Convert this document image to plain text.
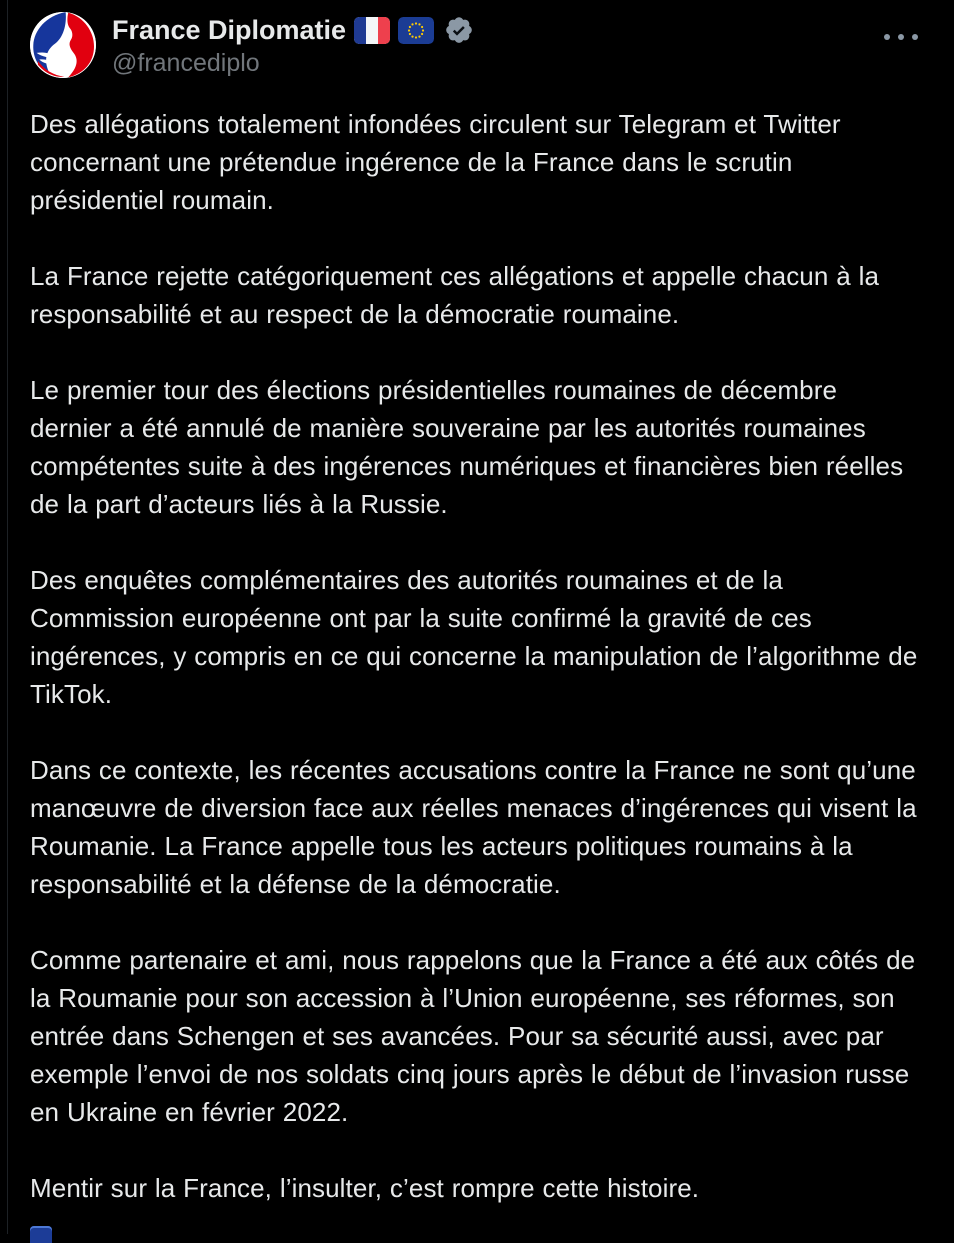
France Diplomatie
@francediplo

Des allégations totalement infondées circulent sur Telegram et Twitter concernant une prétendue ingérence de la France dans le scrutin présidentiel roumain.

La France rejette catégoriquement ces allégations et appelle chacun à la responsabilité et au respect de la démocratie roumaine.

Le premier tour des élections présidentielles roumaines de décembre dernier a été annulé de manière souveraine par les autorités roumaines compétentes suite à des ingérences numériques et financières bien réelles de la part d’acteurs liés à la Russie.

Des enquêtes complémentaires des autorités roumaines et de la Commission européenne ont par la suite confirmé la gravité de ces ingérences, y compris en ce qui concerne la manipulation de l’algorithme de TikTok.

Dans ce contexte, les récentes accusations contre la France ne sont qu’une manœuvre de diversion face aux réelles menaces d’ingérences qui visent la Roumanie. La France appelle tous les acteurs politiques roumains à la responsabilité et la défense de la démocratie.

Comme partenaire et ami, nous rappelons que la France a été aux côtés de la Roumanie pour son accession à l’Union européenne, ses réformes, son entrée dans Schengen et ses avancées. Pour sa sécurité aussi, avec par exemple l’envoi de nos soldats cinq jours après le début de l’invasion russe en Ukraine en février 2022.

Mentir sur la France, l’insulter, c’est rompre cette histoire.
